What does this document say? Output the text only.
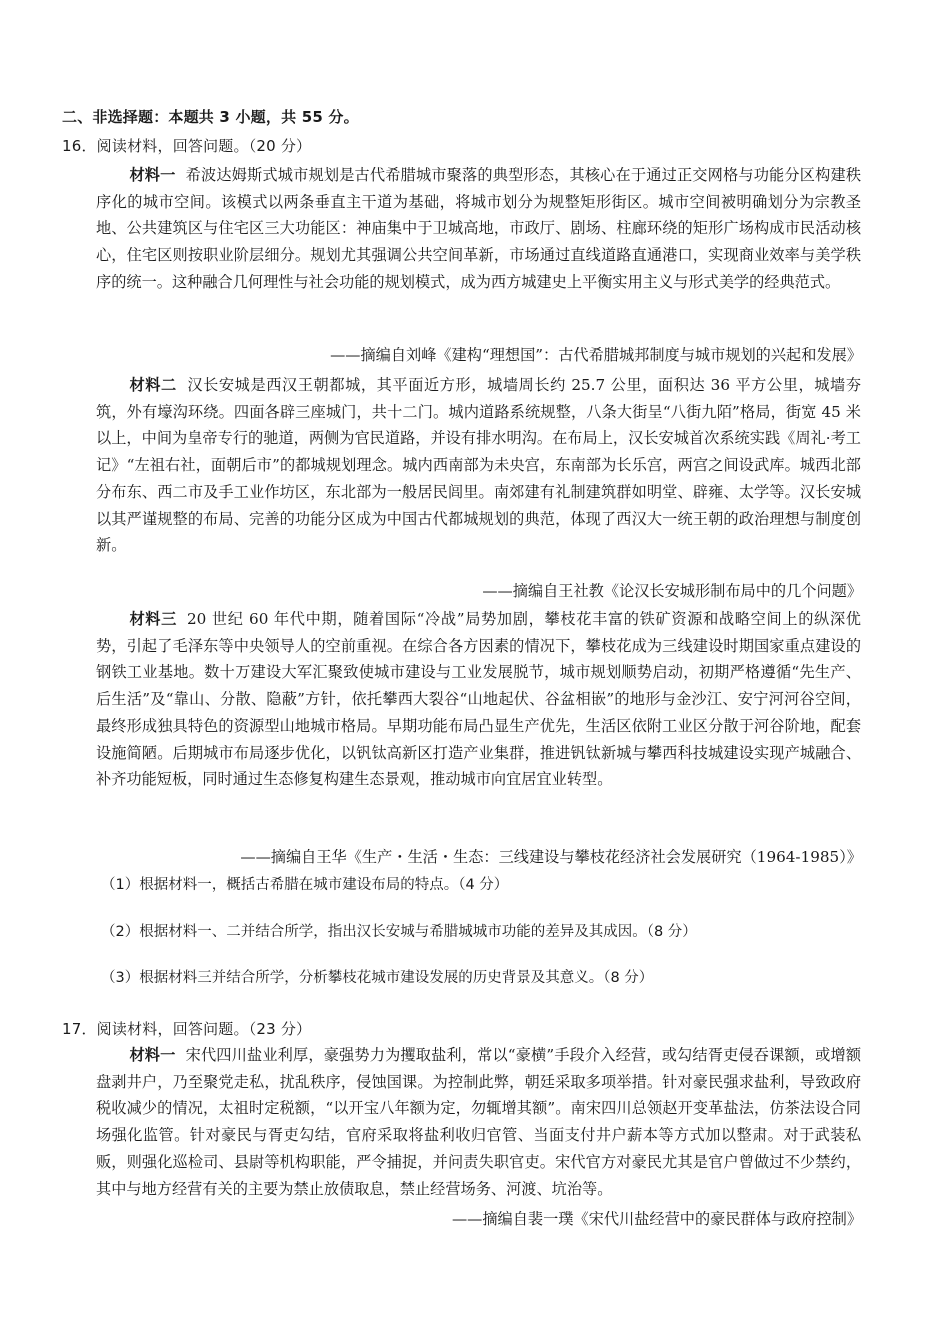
二、非选择题：本题共 3 小题，共 55 分。
16．阅读材料，回答问题。（20 分）
材料一 希波达姆斯式城市规划是古代希腊城市聚落的典型形态，其核心在于通过正交网格与功能分区构建秩序化的城市空间。该模式以两条垂直主干道为基础，将城市划分为规整矩形街区。城市空间被明确划分为宗教圣地、公共建筑区与住宅区三大功能区：神庙集中于卫城高地，市政厅、剧场、柱廊环绕的矩形广场构成市民活动核心，住宅区则按职业阶层细分。规划尤其强调公共空间革新，市场通过直线道路直通港口，实现商业效率与美学秩序的统一。这种融合几何理性与社会功能的规划模式，成为西方城建史上平衡实用主义与形式美学的经典范式。
——摘编自刘峰《建构“理想国”：古代希腊城邦制度与城市规划的兴起和发展》
材料二 汉长安城是西汉王朝都城，其平面近方形，城墙周长约 25.7 公里，面积达 36 平方公里，城墙夯筑，外有壕沟环绕。四面各辟三座城门，共十二门。城内道路系统规整，八条大街呈“八街九陌”格局，街宽 45 米以上，中间为皇帝专行的驰道，两侧为官民道路，并设有排水明沟。在布局上，汉长安城首次系统实践《周礼·考工记》“左祖右社，面朝后市”的都城规划理念。城内西南部为未央宫，东南部为长乐宫，两宫之间设武库。城西北部分布东、西二市及手工业作坊区，东北部为一般居民闾里。南郊建有礼制建筑群如明堂、辟雍、太学等。汉长安城以其严谨规整的布局、完善的功能分区成为中国古代都城规划的典范，体现了西汉大一统王朝的政治理想与制度创新。
——摘编自王社教《论汉长安城形制布局中的几个问题》
材料三 20 世纪 60 年代中期，随着国际“冷战”局势加剧，攀枝花丰富的铁矿资源和战略空间上的纵深优势，引起了毛泽东等中央领导人的空前重视。在综合各方因素的情况下，攀枝花成为三线建设时期国家重点建设的钢铁工业基地。数十万建设大军汇聚致使城市建设与工业发展脱节，城市规划顺势启动，初期严格遵循“先生产、后生活”及“靠山、分散、隐蔽”方针，依托攀西大裂谷“山地起伏、谷盆相嵌”的地形与金沙江、安宁河河谷空间，最终形成独具特色的资源型山地城市格局。早期功能布局凸显生产优先，生活区依附工业区分散于河谷阶地，配套设施简陋。后期城市布局逐步优化，以钒钛高新区打造产业集群，推进钒钛新城与攀西科技城建设实现产城融合、补齐功能短板，同时通过生态修复构建生态景观，推动城市向宜居宜业转型。
——摘编自王华《生产・生活・生态：三线建设与攀枝花经济社会发展研究（1964-1985）》
（1）根据材料一，概括古希腊在城市建设布局的特点。（4 分）
（2）根据材料一、二并结合所学，指出汉长安城与希腊城城市功能的差异及其成因。（8 分）
（3）根据材料三并结合所学，分析攀枝花城市建设发展的历史背景及其意义。（8 分）
17．阅读材料，回答问题。（23 分）
材料一 宋代四川盐业利厚，豪强势力为攫取盐利，常以“豪横”手段介入经营，或勾结胥吏侵吞课额，或增额盘剥井户，乃至聚党走私，扰乱秩序，侵蚀国课。为控制此弊，朝廷采取多项举措。针对豪民强求盐利，导致政府税收减少的情况，太祖时定税额，“以开宝八年额为定，勿辄增其额”。南宋四川总领赵开变革盐法，仿茶法设合同场强化监管。针对豪民与胥吏勾结，官府采取将盐利收归官管、当面支付井户薪本等方式加以整肃。对于武装私贩，则强化巡检司、县尉等机构职能，严令捕捉，并问责失职官吏。宋代官方对豪民尤其是官户曾做过不少禁约，其中与地方经营有关的主要为禁止放债取息，禁止经营场务、河渡、坑治等。
——摘编自裴一璞《宋代川盐经营中的豪民群体与政府控制》
